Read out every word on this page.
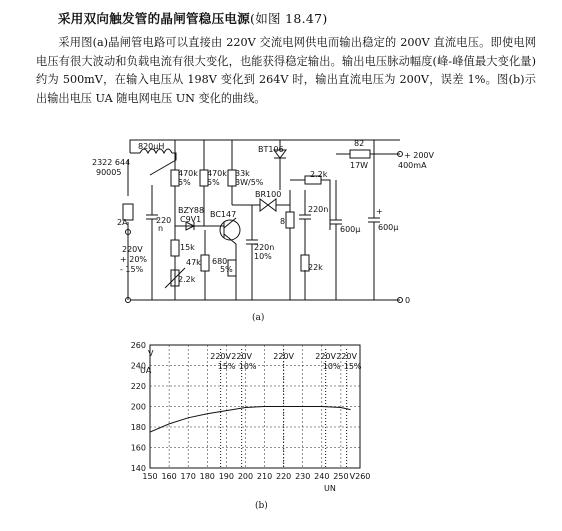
采用双向触发管的晶闸管稳压电源(如图 18.47)
采用图(a)晶闸管电路可以直接由 220V 交流电网供电而输出稳定的 200V 直流电压。即使电网电压有很大波动和负载电流有很大变化，也能获得稳定输出。输出电压脉动幅度(峰-峰值最大变化量)约为 500mV，在输入电压从 198V 变化到 264V 时，输出直流电压为 200V，误差 1%。图(b)示出输出电压 UA 随电网电压 UN 变化的曲线。
820μH
2322 644
90005
BT106
82
17W
+ 200V
400mA
470k
5%
470k
5%
33k
3W/5%
BR100
BZY88
C9V1
BC147
2A	220
n
2.2k
220n
8
600μ 600μ
15k
47k
2.2k
680
5%
220n
10%
22k
220V
+ 20%
- 15%
0
+
(a)
220V
15%
220V
10%
220V	220V
10%
220V
15%
150 160 170 180 190 200 210 220 230 240 250 V260
140
160
180
200
220
240
260
V
UA
UN
(b)
